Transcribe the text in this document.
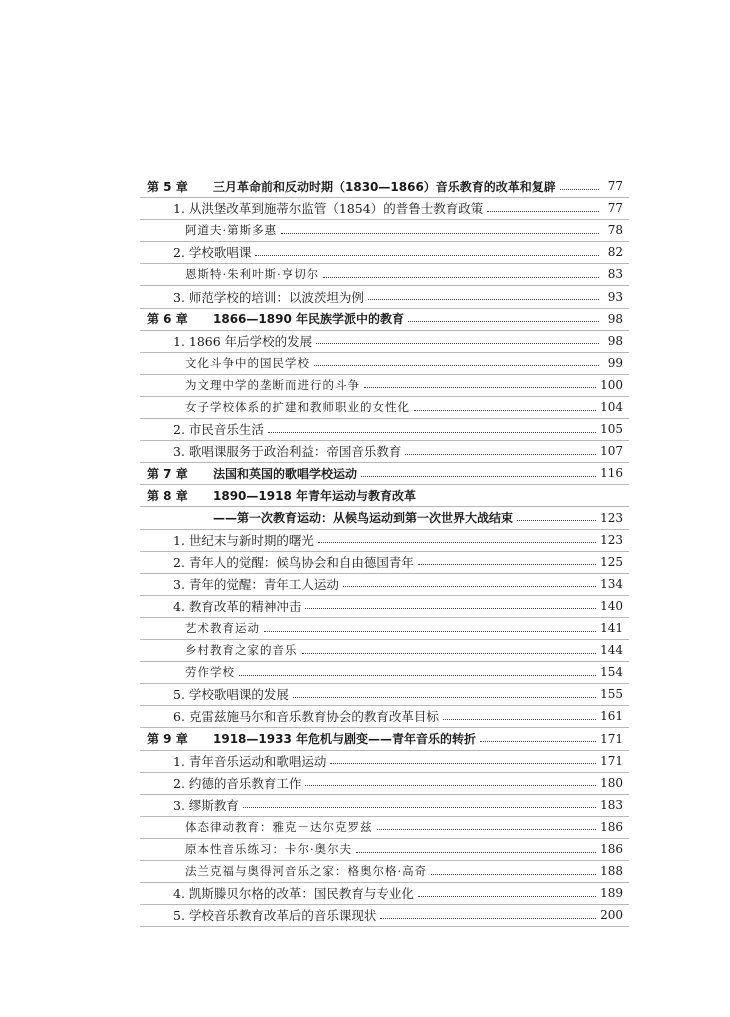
第 5 章 三月革命前和反动时期（1830—1866）音乐教育的改革和复辟	77
1. 从洪堡改革到施蒂尔监管（1854）的普鲁士教育政策	77
阿道夫·第斯多惠	78
2. 学校歌唱课	82
恩斯特·朱利叶斯·亨切尔	83
3. 师范学校的培训：以波茨坦为例	93
第 6 章 1866—1890 年民族学派中的教育	98
1. 1866 年后学校的发展	98
文化斗争中的国民学校	99
为文理中学的垄断而进行的斗争	100
女子学校体系的扩建和教师职业的女性化	104
2. 市民音乐生活	105
3. 歌唱课服务于政治利益：帝国音乐教育	107
第 7 章 法国和英国的歌唱学校运动	116
第 8 章 1890—1918 年青年运动与教育改革
——第一次教育运动：从候鸟运动到第一次世界大战结束	123
1. 世纪末与新时期的曙光	123
2. 青年人的觉醒：候鸟协会和自由德国青年	125
3. 青年的觉醒：青年工人运动	134
4. 教育改革的精神冲击	140
艺术教育运动	141
乡村教育之家的音乐	144
劳作学校	154
5. 学校歌唱课的发展	155
6. 克雷兹施马尔和音乐教育协会的教育改革目标	161
第 9 章 1918—1933 年危机与剧变——青年音乐的转折	171
1. 青年音乐运动和歌唱运动	171
2. 约德的音乐教育工作	180
3. 缪斯教育	183
体态律动教育：雅克－达尔克罗兹	186
原本性音乐练习：卡尔·奥尔夫	186
法兰克福与奥得河音乐之家：格奥尔格·高奇	188
4. 凯斯滕贝尔格的改革：国民教育与专业化	189
5. 学校音乐教育改革后的音乐课现状	200
